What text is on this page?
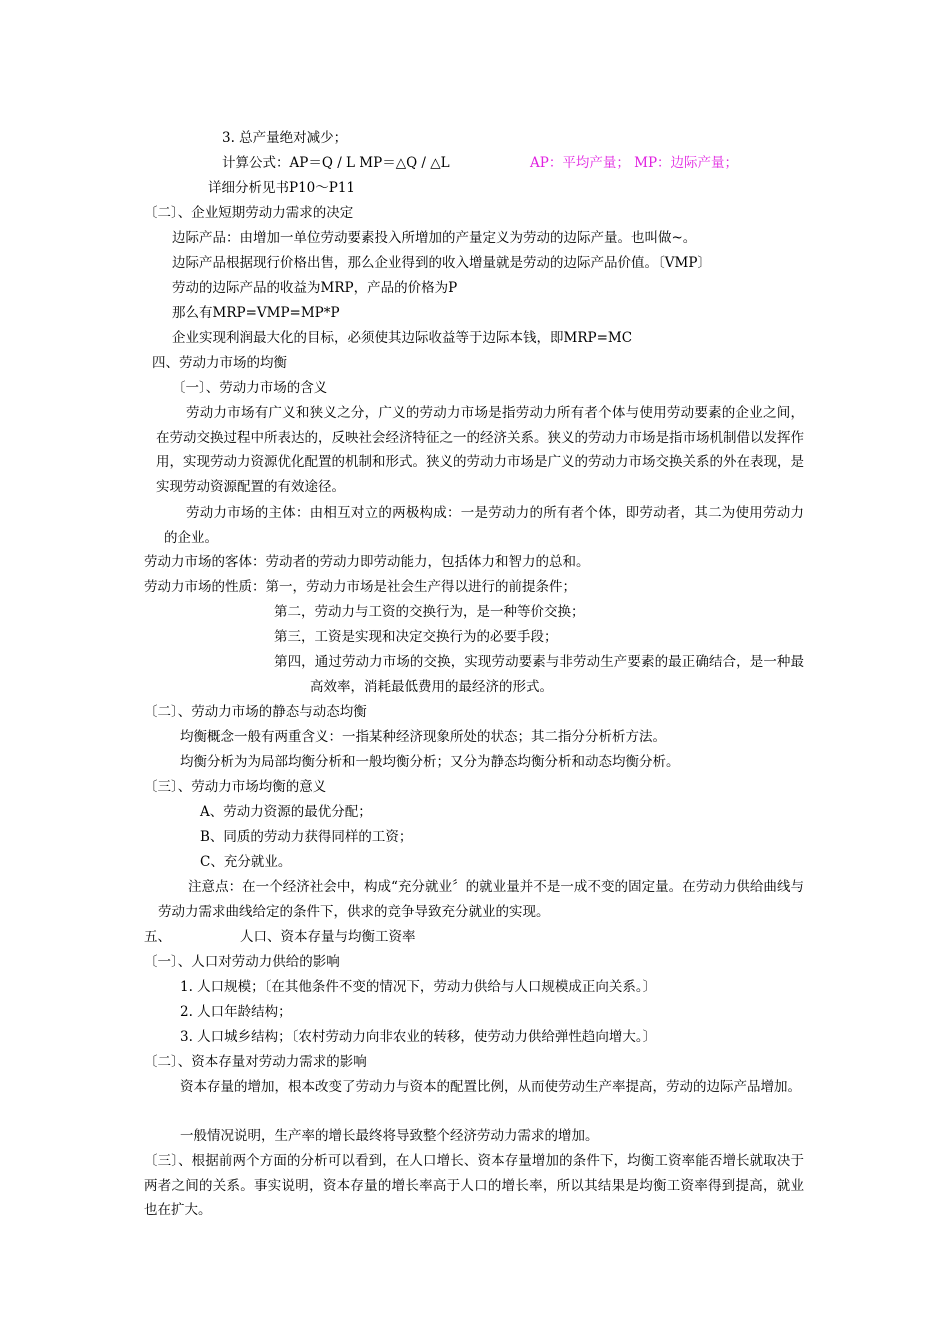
3. 总产量绝对减少；
计算公式：AP＝Q / L MP＝△Q / △L	AP：平均产量； MP：边际产量；
详细分析见书P10～P11
〔二〕、企业短期劳动力需求的决定
边际产品：由增加一单位劳动要素投入所增加的产量定义为劳动的边际产量。也叫做~。
边际产品根据现行价格出售，那么企业得到的收入增量就是劳动的边际产品价值。〔VMP〕
劳动的边际产品的收益为MRP，产品的价格为P
那么有MRP=VMP=MP*P
企业实现利润最大化的目标，必须使其边际收益等于边际本钱，即MRP=MC
四、劳动力市场的均衡
〔一〕、劳动力市场的含义
劳动力市场有广义和狭义之分，广义的劳动力市场是指劳动力所有者个体与使用劳动要素的企业之间，在劳动交换过程中所表达的，反映社会经济特征之一的经济关系。狭义的劳动力市场是指市场机制借以发挥作用，实现劳动力资源优化配置的机制和形式。狭义的劳动力市场是广义的劳动力市场交换关系的外在表现，是实现劳动资源配置的有效途径。
劳动力市场的主体：由相互对立的两极构成：一是劳动力的所有者个体，即劳动者，其二为使用劳动力的企业。
劳动力市场的客体：劳动者的劳动力即劳动能力，包括体力和智力的总和。
劳动力市场的性质：第一，劳动力市场是社会生产得以进行的前提条件；
第二，劳动力与工资的交换行为，是一种等价交换；
第三，工资是实现和决定交换行为的必要手段；
第四，通过劳动力市场的交换，实现劳动要素与非劳动生产要素的最正确结合，是一种最高效率，消耗最低费用的最经济的形式。
〔二〕、劳动力市场的静态与动态均衡
均衡概念一般有两重含义：一指某种经济现象所处的状态；其二指分分析析方法。
均衡分析为为局部均衡分析和一般均衡分析；又分为静态均衡分析和动态均衡分析。
〔三〕、劳动力市场均衡的意义
A、劳动力资源的最优分配；
B、同质的劳动力获得同样的工资；
C、充分就业。
注意点：在一个经济社会中，构成“充分就业〞的就业量并不是一成不变的固定量。在劳动力供给曲线与劳动力需求曲线给定的条件下，供求的竞争导致充分就业的实现。
五、	人口、资本存量与均衡工资率
〔一〕、人口对劳动力供给的影响
1. 人口规模；〔在其他条件不变的情况下，劳动力供给与人口规模成正向关系。〕
2. 人口年龄结构；
3. 人口城乡结构；〔农村劳动力向非农业的转移，使劳动力供给弹性趋向增大。〕
〔二〕、资本存量对劳动力需求的影响
资本存量的增加，根本改变了劳动力与资本的配置比例，从而使劳动生产率提高，劳动的边际产品增加。
一般情况说明，生产率的增长最终将导致整个经济劳动力需求的增加。
〔三〕、根据前两个方面的分析可以看到，在人口增长、资本存量增加的条件下，均衡工资率能否增长就取决于两者之间的关系。事实说明，资本存量的增长率高于人口的增长率，所以其结果是均衡工资率得到提高，就业也在扩大。
